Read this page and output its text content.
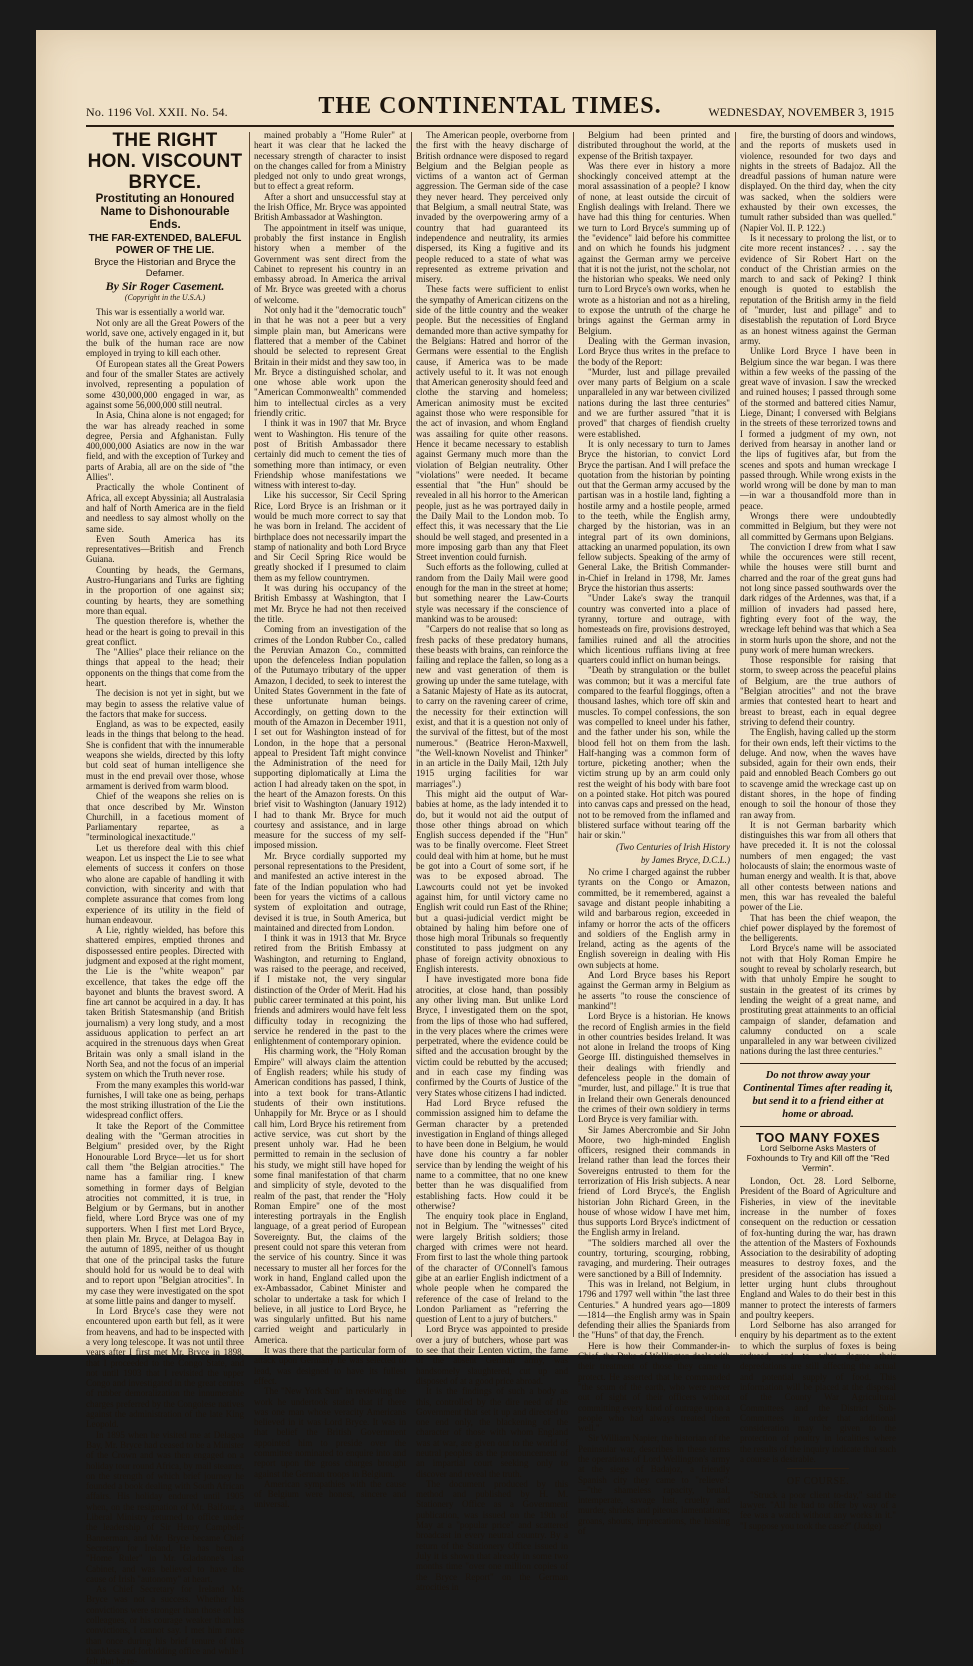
No. 1196 Vol. XXII. No. 54.	THE CONTINENTAL TIMES.	WEDNESDAY, NOVEMBER 3, 1915
THE RIGHT HON. VISCOUNT BRYCE.
Prostituting an Honoured Name to Dishonourable Ends.
THE FAR-EXTENDED, BALEFUL POWER OF THE LIE.
Bryce the Historian and Bryce the Defamer.
By Sir Roger Casement.
(Copyright in the U.S.A.)

This war is essentially a world war.

Not only are all the Great Powers of the world, save one, actively engaged in it, but the bulk of the human race are now employed in trying to kill each other.

Of European states all the Great Powers and four of the smaller States are actively involved, representing a population of some 430,000,000 engaged in war, as against some 56,000,000 still neutral.

In Asia, China alone is not engaged; for the war has already reached in some degree, Persia and Afghanistan. Fully 400,000,000 Asiatics are now in the war field, and with the exception of Turkey and parts of Arabia, all are on the side of "the Allies".

Practically the whole Continent of Africa, all except Abyssinia; all Australasia and half of North America are in the field and needless to say almost wholly on the same side.

Even South America has its representatives—British and French Guiana.

Counting by heads, the Germans, Austro-Hungarians and Turks are fighting in the proportion of one against six; counting by hearts, they are something more than equal.

The question therefore is, whether the head or the heart is going to prevail in this great conflict.

The "Allies" place their reliance on the things that appeal to the head; their opponents on the things that come from the heart.

The decision is not yet in sight, but we may begin to assess the relative value of the factors that make for success.

England, as was to be expected, easily leads in the things that belong to the head. She is confident that with the innumerable weapons she wields, directed by this lofty but cold seat of human intelligence she must in the end prevail over those, whose armament is derived from warm blood.

Chief of the weapons she relies on is that once described by Mr. Winston Churchill, in a facetious moment of Parliamentary repartee, as a "terminological inexactitude."

Let us therefore deal with this chief weapon. Let us inspect the Lie to see what elements of success it confers on those who alone are capable of handling it with conviction, with sincerity and with that complete assurance that comes from long experience of its utility in the field of human endeavour.

A Lie, rightly wielded, has before this shattered empires, emptied thrones and dispossessed entire peoples. Directed with judgment and exposed at the right moment, the Lie is the "white weapon" par excellence, that takes the edge off the bayonet and blunts the bravest sword. A fine art cannot be acquired in a day. It has taken British Statesmanship (and British journalism) a very long study, and a most assiduous application to perfect an art acquired in the strenuous days when Great Britain was only a small island in the North Sea, and not the focus of an imperial system on which the Truth never rose.

From the many examples this world-war furnishes, I will take one as being, perhaps the most striking illustration of the Lie the widespread conflict offers.

It take the Report of the Committee dealing with the "German atrocities in Belgium" presided over, by the Right Honourable Lord Bryce—let us for short call them "the Belgian atrocities." The name has a familiar ring. I knew something in former days of Belgian atrocities not committed, it is true, in Belgium or by Germans, but in another field, where Lord Bryce was one of my supporters. When I first met Lord Bryce, then plain Mr. Bryce, at Delagoa Bay in the autumn of 1895, neither of us thought that one of the principal tasks the future should hold for us would be to deal with and to report upon "Belgian atrocities". In my case they were investigated on the spot at some little pains and danger to myself.

In Lord Bryce's case they were not encountered upon earth but fell, as it were from heavens, and had to be inspected with a very long telescope. It was not until three years after I first met Mr. Bryce in 1898, that I proceeded to the Congo State, and not until 1903 that I revisited the upper Congo and investigated in the great centres of rubber demoralization the innumerable charges preferred by the Congolese natives against the administration of the late King Leopold.

In 1895 when he visited me at Delagoa Bay, Mr. Bryce had ceased to be a Minister of the Crown and was then engaged on a holiday tour round Africa, by mail steamer, on the strength of which brief journey he founded a book dealing with South African affairs. His holiday endured until 1905 when, on the resignation of Mr. Balfour, a Liberal Ministry returned to office under the leadership of Sir Henry Campbell-Bannerman, and Mr. Bryce became Chief Secretary for Ireland. He has been a "Home Ruler" in Mr. Gladstone's last Cabinet, and was believed to have the cause of Irish "autonomy" at heart.

As Chief Secretary for Ireland Mr. Bryce was not a success. Whether his convictions were stronger than those of his colleagues, or his courage weaker than his convictions, I cannot say. I met him more than once during his brief tenure of this thankless and forbidding office and while I felt that he re-

mained probably a "Home Ruler" at heart it was clear that he lacked the necessary strength of character to insist on the changes called for from a Ministry pledged not only to undo great wrongs, but to effect a great reform.

After a short and unsuccessful stay at the Irish Office, Mr. Bryce was appointed British Ambassador at Washington.

The appointment in itself was unique, probably the first instance in English history when a member of the Government was sent direct from the Cabinet to represent his country in an embassy abroad. In America the arrival of Mr. Bryce was greeted with a chorus of welcome.

Not only had it the "democratic touch" in that he was not a peer but a very simple plain man, but Americans were flattered that a member of the Cabinet should be selected to represent Great Britain in their midst and they saw too, in Mr. Bryce a distinguished scholar, and one whose able work upon the "American Commonwealth" commended him to intellectual circles as a very friendly critic.

I think it was in 1907 that Mr. Bryce went to Washington. His tenure of the post of British Ambassador there certainly did much to cement the ties of something more than intimacy, or even Friendship whose manifestations we witness with interest to-day.

Like his successor, Sir Cecil Spring Rice, Lord Bryce is an Irishman or it would be much more correct to say that he was born in Ireland. The accident of birthplace does not necessarily impart the stamp of nationality and both Lord Bryce and Sir Cecil Spring Rice would be greatly shocked if I presumed to claim them as my fellow countrymen.

It was during his occupancy of the British Embassy at Washington, that I met Mr. Bryce he had not then received the title.

Coming from an investigation of the crimes of the London Rubber Co., called the Peruvian Amazon Co., committed upon the defenceless Indian population of the Putumayo tributary of the upper Amazon, I decided, to seek to interest the United States Government in the fate of these unfortunate human beings. Accordingly, on getting down to the mouth of the Amazon in December 1911, I set out for Washington instead of for London, in the hope that a personal appeal to President Taft might convince the Administration of the need for supporting diplomatically at Lima the action I had already taken on the spot, in the heart of the Amazon forests. On this brief visit to Washington (January 1912) I had to thank Mr. Bryce for much courtesy and assistance, and in large measure for the success of my self-imposed mission.

Mr. Bryce cordially supported my personal representations to the President, and manifested an active interest in the fate of the Indian population who had been for years the victims of a callous system of exploitation and outrage, devised it is true, in South America, but maintained and directed from London.

I think it was in 1913 that Mr. Bryce retired from the British Embassy at Washington, and returning to England, was raised to the peerage, and received, if I mistake not, the very singular distinction of the Order of Merit. Had his public career terminated at this point, his friends and admirers would have felt less difficulty today in recognizing the service he rendered in the past to the enlightenment of contemporary opinion.

His charming work, the "Holy Roman Empire" will always claim the attention of English readers; while his study of American conditions has passed, I think, into a text book for trans-Atlantic students of their own institutions. Unhappily for Mr. Bryce or as I should call him, Lord Bryce his retirement from active service, was cut short by the present unholy war. Had he been permitted to remain in the seclusion of his study, we might still have hoped for some final manifestation of that charm and simplicity of style, devoted to the realm of the past, that render the "Holy Roman Empire" one of the most interesting portrayals in the English language, of a great period of European Sovereignty. But, the claims of the present could not spare this veteran from the service of his country. Since it was necessary to muster all her forces for the work in hand, England called upon the ex-Ambassador, Cabinet Minister and scholar to undertake a task for which I believe, in all justice to Lord Bryce, he was singularly unfitted. But his name carried weight and particularly in America.

It was there that the particular form of attack upon Germany he was selected to lead, was designed to have its fullest effect.

The "New York Sun" in reviewing the work he undertook stated that if there was one man whose veracity Americans believed in it was Lord Bryce. It was in that belief the British Government appointed him to preside over the committee nominated to enquire into and report upon the gross charges brought against the German troops in Belgium.

American sympathies with the cause of Belgium were honest, sincere and universal.

The American people, overborne from the first with the heavy discharge of British ordnance were disposed to regard Belgium and the Belgian people as victims of a wanton act of German aggression. The German side of the case they never heard. They perceived only that Belgium, a small neutral State, was invaded by the overpowering army of a country that had guaranteed its independence and neutrality, its armies dispersed, its King a fugitive and its people reduced to a state of what was represented as extreme privation and misery.

These facts were sufficient to enlist the sympathy of American citizens on the side of the little country and the weaker people. But the necessities of England demanded more than active sympathy for the Belgians: Hatred and horror of the Germans were essential to the English cause, if America was to be made actively useful to it. It was not enough that American generosity should feed and clothe the starving and homeless; American animosity must be excited against those who were responsible for the act of invasion, and whom England was assailing for quite other reasons. Hence it became necessary to establish against Germany much more than the violation of Belgian neutrality. Other "violations" were needed. It became essential that "the Hun" should be revealed in all his horror to the American people, just as he was portrayed daily in the Daily Mail to the London mob. To effect this, it was necessary that the Lie should be well staged, and presented in a more imposing garb than any that Fleet Street invention could furnish.

Such efforts as the following, culled at random from the Daily Mail were good enough for the man in the street at home; but something nearer the Law-Courts style was necessary if the conscience of mankind was to be aroused:

"Carpers do not realise that so long as fresh packs of these predatory humans, these beasts with brains, can reinforce the failing and replace the fallen, so long as a new and vast generation of them is growing up under the same tutelage, with a Satanic Majesty of Hate as its autocrat, to carry on the ravening career of crime, the necessity for their extinction will exist, and that it is a question not only of the survival of the fittest, but of the most numerous." (Beatrice Heron-Maxwell, "the Well-known Novelist and Thinker" in an article in the Daily Mail, 12th July 1915 urging facilities for war marriages".)

This might aid the output of War-babies at home, as the lady intended it to do, but it would not aid the output of those other things abroad on which English success depended if the "Hun" was to be finally overcome. Fleet Street could deal with him at home, but he must be got into a Court of some sort, if he was to be exposed abroad. The Lawcourts could not yet be invoked against him, for until victory came no English writ could run East of the Rhine; but a quasi-judicial verdict might be obtained by haling him before one of those high moral Tribunals so frequently constituted to pass judgment on any phase of foreign activity obnoxious to English interests.

I have investigated more bona fide atrocities, at close hand, than possibly any other living man. But unlike Lord Bryce, I investigated them on the spot, from the lips of those who had suffered, in the very places where the crimes were perpetrated, where the evidence could be sifted and the accusation brought by the victim could be rebutted by the accused; and in each case my finding was confirmed by the Courts of Justice of the very States whose citizens I had indicted.

Had Lord Bryce refused the commission assigned him to defame the German character by a pretended investigation in England of things alleged to have been done in Belgium, he would have done his country a far nobler service than by lending the weight of his name to a committee, that no one knew better than he was disqualified from establishing facts. How could it be otherwise?

The enquiry took place in England, not in Belgium. The "witnesses" cited were largely British soldiers; those charged with crimes were not heard. From first to last the whole thing partook of the character of O'Connell's famous gibe at an earlier English indictment of a whole people when he compared the reference of the case of Ireland to the London Parliament as "referring the question of Lent to a jury of butchers."

Lord Bryce was appointed to preside over a jury of butchers, whose part was to see that their Lenten victim, the fame of the absent German army, was handsomely slaughtered, cut up and disposed of at a good price abroad.

It is the findings of such a body as this, controlled by the dire need of the Government that set it up and directed to one end only, the blackening of the character of those with whom England was at war, are given out to the world of neutral peoples as the pronouncement of an impartial court seeking only to discover and reveal the truth.

The document produced by this method and published by H. M. Stationery Office as a Government publication, was issued on the 19th of May at a "popular price" and scattered broadcast in every neutral country. By a return of the Stationery Office issued in July it is shown that already in some two months time "over one million copies of the Bryce Report" on the German atrocities in

Belgium had been printed and distributed throughout the world, at the expense of the British taxpayer.

Was there ever in history a more shockingly conceived attempt at the moral assassination of a people? I know of none, at least outside the circuit of English dealings with Ireland. There we have had this thing for centuries. When we turn to Lord Bryce's summing up of the "evidence" laid before his committee and on which he founds his judgment against the German army we perceive that it is not the jurist, not the scholar, not the historian who speaks. We need only turn to Lord Bryce's own works, when he wrote as a historian and not as a hireling, to expose the untruth of the charge he brings against the German army in Belgium.

Dealing with the German invasion, Lord Bryce thus writes in the preface to the body of the Report:

"Murder, lust and pillage prevailed over many parts of Belgium on a scale unparalleled in any war between civilized nations during the last three centuries" and we are further assured "that it is proved" that charges of fiendish cruelty were established.

It is only necessary to turn to James Bryce the historian, to convict Lord Bryce the partisan. And I will preface the quotation from the historian by pointing out that the German army accused by the partisan was in a hostile land, fighting a hostile army and a hostile people, armed to the teeth, while the English army, charged by the historian, was in an integral part of its own dominions, attacking an unarmed population, its own fellow subjects. Speaking of the army of General Lake, the British Commander-in-Chief in Ireland in 1798, Mr. James Bryce the historian thus asserts:

"Under Lake's sway the tranquil country was converted into a place of tyranny, torture and outrage, with homesteads on fire, provisions destroyed, families ruined and all the atrocities which licentious ruffians living at free quarters could inflict on human beings.

"Death by strangulation or the bullet was common; but it was a merciful fate compared to the fearful floggings, often a thousand lashes, which tore off skin and muscles. To compel confessions, the son was compelled to kneel under his father, and the father under his son, while the blood fell hot on them from the lash. Half-hanging was a common form of torture, picketing another; when the victim strung up by an arm could only rest the weight of his body with bare foot on a pointed stake. Hot pitch was poured into canvas caps and pressed on the head, not to be removed from the inflamed and blistered surface without tearing off the hair or skin."

(Two Centuries of Irish History
by James Bryce, D.C.L.)

No crime I charged against the rubber tyrants on the Congo or Amazon, committed, be it remembered, against a savage and distant people inhabiting a wild and barbarous region, exceeded in infamy or horror the acts of the officers and soldiers of the English army in Ireland, acting as the agents of the English sovereign in dealing with His own subjects at home.

And Lord Bryce bases his Report against the German army in Belgium as he asserts "to rouse the conscience of mankind"!

Lord Bryce is a historian. He knows the record of English armies in the field in other countries besides Ireland. It was not alone in Ireland the troops of King George III. distinguished themselves in their dealings with friendly and defenceless people in the domain of "murder, lust, and pillage." It is true that in Ireland their own Generals denounced the crimes of their own soldiery in terms Lord Bryce is very familiar with.

Sir James Abercrombie and Sir John Moore, two high-minded English officers, resigned their commands in Ireland rather than lead the forces their Sovereigns entrusted to them for the terrorization of His Irish subjects. A near friend of Lord Bryce's, the English historian John Richard Green, in the house of whose widow I have met him, thus supports Lord Bryce's indictment of the English army in Ireland.

"The soldiers marched all over the country, torturing, scourging, robbing, ravaging, and murdering. Their outrages were sanctioned by a Bill of Indemnity.

This was in Ireland, not Belgium, in 1796 and 1797 well within "the last three Centuries." A hundred years ago—1809—1814—the English army was in Spain defending their allies the Spaniards from the "Huns" of that day, the French.

Here is how their Commander-in-Chief, the Duke of Wellington deals with their treatment of those they came to protect. He asserted that he commanded "the scum of the earth, who were never out of sight of their officers without committing every kind of outrage upon a people who had always treated them well."

Sir William Napier, the historian of the Peninsular war, describes in these terms the operations of Lord Wellington's army at the siege of Badajoz, a friendly Spanish city they came to "relieve":—"the shameless rapacity, brutal, intemperate, savage lust, cruelty and murder, shrieks and piteous lamentations; groans, shouts, imprecations, the hissing of

fire, the bursting of doors and windows, and the reports of muskets used in violence, resounded for two days and nights in the streets of Badajoz. All the dreadful passions of human nature were displayed. On the third day, when the city was sacked, when the soldiers were exhausted by their own excesses, the tumult rather subsided than was quelled." (Napier Vol. II. P. 122.)

Is it necessary to prolong the list, or to cite more recent instances? . . . say the evidence of Sir Robert Hart on the conduct of the Christian armies on the march to and sack of Peking? I think enough is quoted to establish the reputation of the British army in the field of "murder, lust and pillage" and to disestablish the reputation of Lord Bryce as an honest witness against the German army.

Unlike Lord Bryce I have been in Belgium since the war began. I was there within a few weeks of the passing of the great wave of invasion. I saw the wrecked and ruined houses; I passed through some of the stormed and battered cities Namur, Liege, Dinant; I conversed with Belgians in the streets of these terrorized towns and I formed a judgment of my own, not derived from hearsay in another land or the lips of fugitives afar, but from the scenes and spots and human wreckage I passed through. While wrong exists in the world wrong will be done by man to man—in war a thousandfold more than in peace.

Wrongs there were undoubtedly committed in Belgium, but they were not all committed by Germans upon Belgians.

The conviction I drew from what I saw while the occurences were still recent, while the houses were still burnt and charred and the roar of the great guns had not long since passed southwards over the dark ridges of the Ardennes, was that, if a million of invaders had passed here, fighting every foot of the way, the wreckage left behind was that which a Sea in storm hurls upon the shore, and not the puny work of mere human wreckers.

Those responsible for raising that storm, to sweep across the peaceful plains of Belgium, are the true authors of "Belgian atrocities" and not the brave armies that contested heart to heart and breast to breast, each in equal degree striving to defend their country.

The English, having called up the storm for their own ends, left their victims to the deluge. And now, when the waves have subsided, again for their own ends, their paid and ennobled Beach Combers go out to scavenge amid the wreckage cast up on distant shores, in the hope of finding enough to soil the honour of those they ran away from.

It is not German barbarity which distinguishes this war from all others that have preceded it. It is not the colossal numbers of men engaged; the vast holocausts of slain; the enormous waste of human energy and wealth. It is that, above all other contests between nations and men, this war has revealed the baleful power of the Lie.

That has been the chief weapon, the chief power displayed by the foremost of the belligerents.

Lord Bryce's name will be associated not with that Holy Roman Empire he sought to reveal by scholarly research, but with that unholy Empire he sought to sustain in the greatest of its crimes by lending the weight of a great name, and prostituting great attainments to an official campaign of slander, defamation and calumny conducted on a scale unparalleled in any war between civilized nations during the last three centuries."

Do not throw away your Continental Times after reading it, but send it to a friend either at home or abroad.
TOO MANY FOXES
Lord Selborne Asks Masters of Foxhounds to Try and Kill off the "Red Vermin".

London, Oct. 28. Lord Selborne, President of the Board of Agriculture and Fisheries, in view of the inevitable increase in the number of foxes consequent on the reduction or cessation of fox-hunting during the war, has drawn the attention of the Masters of Foxhounds Association to the desirability of adopting measures to destroy foxes, and the president of the association has issued a letter urging hunt clubs throughout England and Wales to do their best in this manner to protect the interests of farmers and poultry keepers.

Lord Selborne has also arranged for enquiry by his department as to the extent to which the surplus of foxes is being reduced, and to what degree their depredations are still affecting the actual and potential supply of food. This information will be placed at the disposal of the County War Agricultural Committees and the District Sub-Committees in order that additional consideration may be given to the protection of poultry in localities where the results of the inquiry indicate that such a course is desirable.

OF COURSE.

"Struck a poor client to-day," said the lawyer. "All he had to offer by way of a fee was a watch without any works in it." "I suppose you took the case?" (Judge)
